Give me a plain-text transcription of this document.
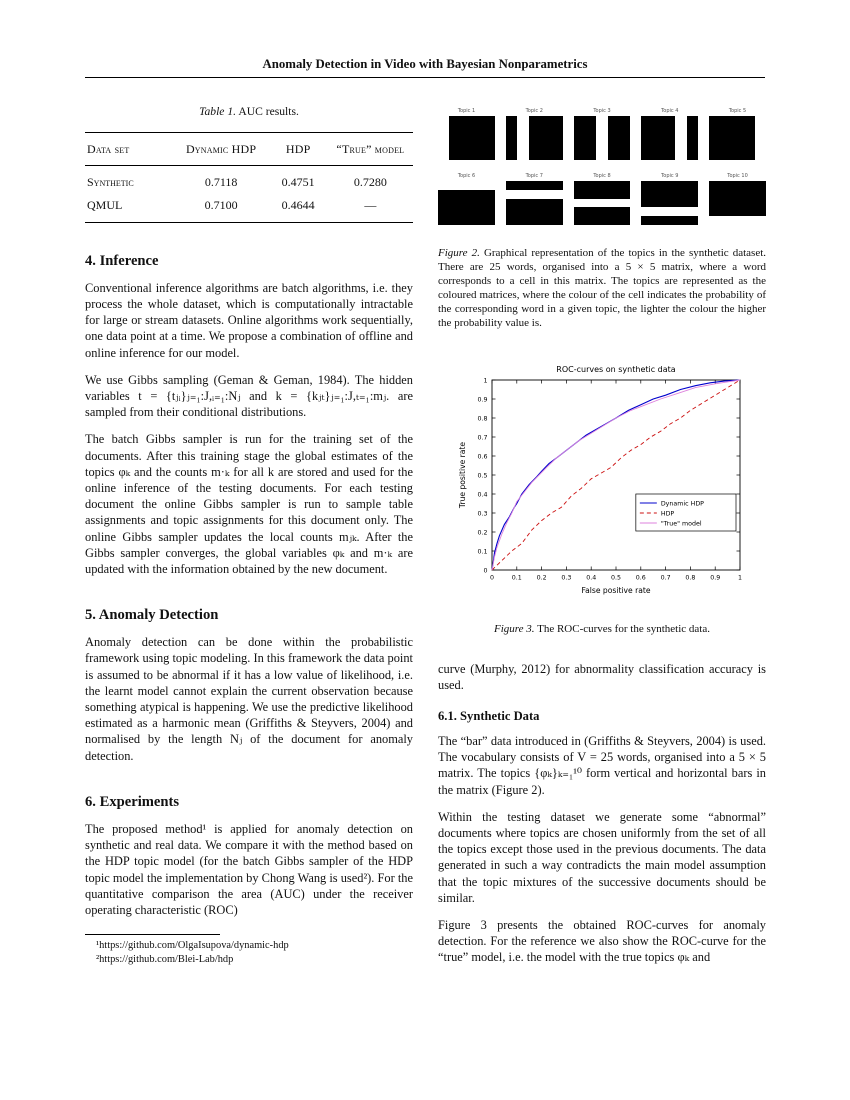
Anomaly Detection in Video with Bayesian Nonparametrics
Table 1. AUC results.
Data set	Dynamic HDP	HDP	“True” model
Synthetic	0.7118	0.4751	0.7280
QMUL	0.7100	0.4644	—
4. Inference

Conventional inference algorithms are batch algorithms, i.e. they process the whole dataset, which is computationally intractable for large or stream datasets. Online algorithms work sequentially, one data point at a time. We propose a combination of offline and online inference for our model.

We use Gibbs sampling (Geman & Geman, 1984). The hidden variables t = {tⱼᵢ}ⱼ₌₁:J,ᵢ₌₁:Nⱼ and k = {kⱼₜ}ⱼ₌₁:J,ₜ₌₁:mⱼ. are sampled from their conditional distributions.

The batch Gibbs sampler is run for the training set of the documents. After this training stage the global estimates of the topics φₖ and the counts m·ₖ for all k are stored and used for the online inference of the testing documents. For each testing document the online Gibbs sampler is run to sample table assignments and topic assignments for this document only. The online Gibbs sampler updates the local counts mⱼₖ. After the Gibbs sampler converges, the global variables φₖ and m·ₖ are updated with the information obtained by the new document.

5. Anomaly Detection

Anomaly detection can be done within the probabilistic framework using topic modeling. In this framework the data point is assumed to be abnormal if it has a low value of likelihood, i.e. the learnt model cannot explain the current observation because something atypical is happening. We use the predictive likelihood estimated as a harmonic mean (Griffiths & Steyvers, 2004) and normalised by the length Nⱼ of the document for anomaly detection.

6. Experiments

The proposed method¹ is applied for anomaly detection on synthetic and real data. We compare it with the method based on the HDP topic model (for the batch Gibbs sampler of the HDP topic model the implementation by Chong Wang is used²). For the quantitative comparison the area (AUC) under the receiver operating characteristic (ROC)

¹https://github.com/OlgaIsupova/dynamic-hdp
²https://github.com/Blei-Lab/hdp
Topic 1	Topic 2	Topic 3	Topic 4	Topic 5
Topic 6	Topic 7	Topic 8	Topic 9	Topic 10
Figure 2. Graphical representation of the topics in the synthetic dataset. There are 25 words, organised into a 5 × 5 matrix, where a word corresponds to a cell in this matrix. The topics are represented as the coloured matrices, where the colour of the cell indicates the probability of the corresponding word in a given topic, the lighter the colour the higher the probability value is.
ROC-curves on synthetic data
0	0.1 0.2 0.3 0.4 0.5 0.6 0.7 0.8 0.9	1
0
0.1
0.2
0.3
0.4
0.5
0.6
0.7
0.8
0.9
1
False positive rate
True positive rate	Dynamic HDP
HDP
"True" model
Figure 3. The ROC-curves for the synthetic data.

curve (Murphy, 2012) for abnormality classification accuracy is used.

6.1. Synthetic Data

The “bar” data introduced in (Griffiths & Steyvers, 2004) is used. The vocabulary consists of V = 25 words, organised into a 5 × 5 matrix. The topics {φₖ}ₖ₌₁¹⁰ form vertical and horizontal bars in the matrix (Figure 2).

Within the testing dataset we generate some “abnormal” documents where topics are chosen uniformly from the set of all the topics except those used in the previous documents. The data generated in such a way contradicts the main model assumption that the topic mixtures of the successive documents should be similar.

Figure 3 presents the obtained ROC-curves for anomaly detection. For the reference we also show the ROC-curve for the “true” model, i.e. the model with the true topics φₖ and
